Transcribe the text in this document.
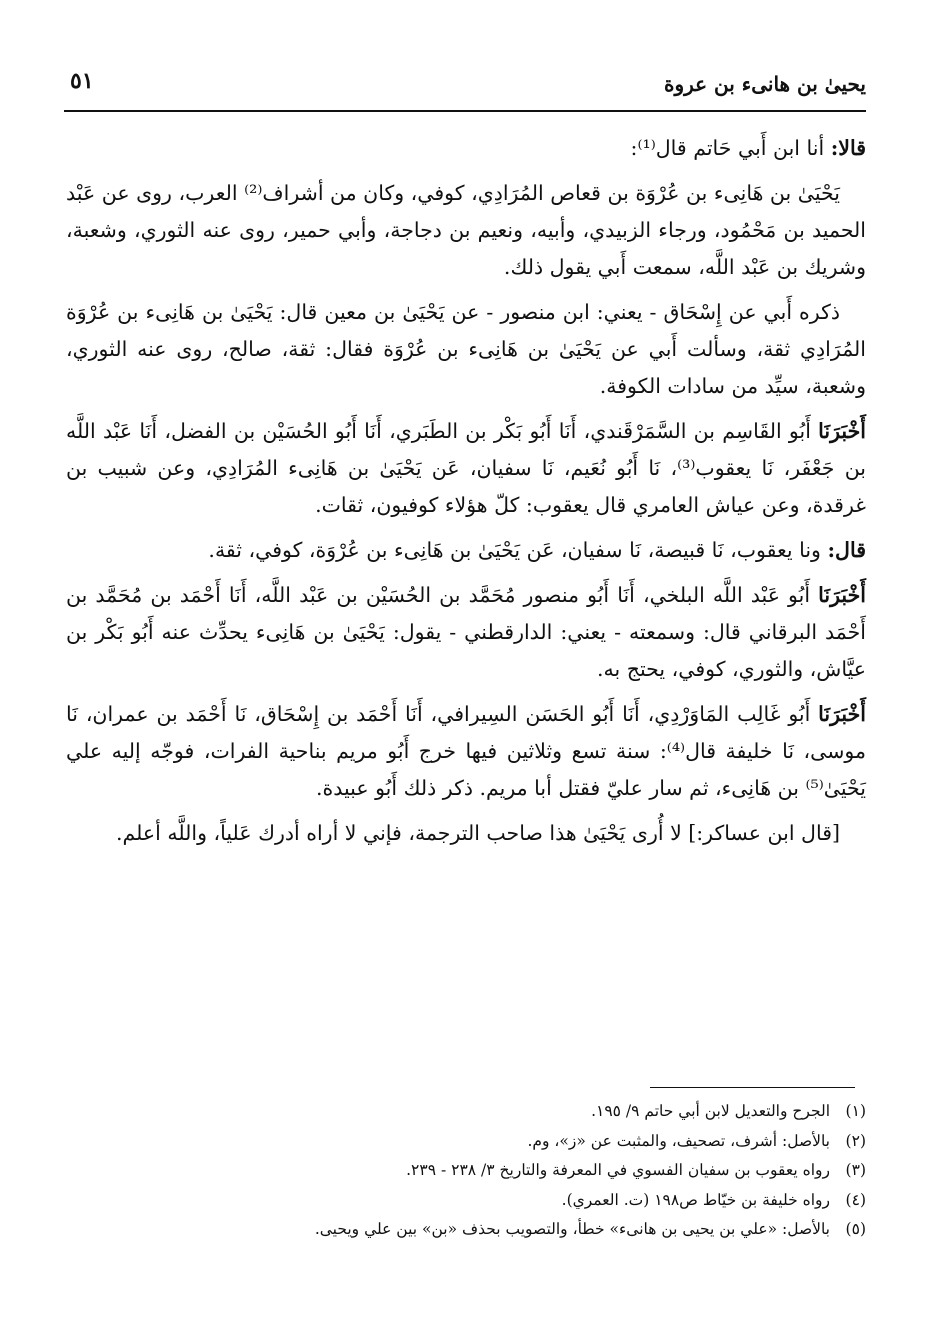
يحيىٰ بن هانىء بن عروة
٥١

قالا: أنا ابن أَبي حَاتم قال⁽¹⁾:

يَحْيَىٰ بن هَانِىء بن عُرْوَة بن قعاص المُرَادِي، كوفي، وكان من أشراف⁽²⁾ العرب، روى عن عَبْد الحميد بن مَحْمُود، ورجاء الزبيدي، وأبيه، ونعيم بن دجاجة، وأبي حمير، روى عنه الثوري، وشعبة، وشريك بن عَبْد اللَّه، سمعت أَبي يقول ذلك.

ذكره أَبي عن إِسْحَاق - يعني: ابن منصور - عن يَحْيَىٰ بن معين قال: يَحْيَىٰ بن هَانِىء بن عُرْوَة المُرَادِي ثقة، وسألت أَبي عن يَحْيَىٰ بن هَانِىء بن عُرْوَة فقال: ثقة، صالح، روى عنه الثوري، وشعبة، سيِّد من سادات الكوفة.

أَخْبَرَنَا أَبُو القَاسِم بن السَّمَرْقَندي، أَنَا أَبُو بَكْر بن الطَبَري، أَنَا أَبُو الحُسَيْن بن الفضل، أَنَا عَبْد اللَّه بن جَعْفَر، نَا يعقوب⁽³⁾، نَا أَبُو نُعَيم، نَا سفيان، عَن يَحْيَىٰ بن هَانِىء المُرَادِي، وعن شبيب بن غرقدة، وعن عياش العامري قال يعقوب: كلّ هؤلاء كوفيون، ثقات.

قال: ونا يعقوب، نَا قبيصة، نَا سفيان، عَن يَحْيَىٰ بن هَانِىء بن عُرْوَة، كوفي، ثقة.

أَخْبَرَنَا أَبُو عَبْد اللَّه البلخي، أَنَا أَبُو منصور مُحَمَّد بن الحُسَيْن بن عَبْد اللَّه، أَنَا أَحْمَد بن مُحَمَّد بن أَحْمَد البرقاني قال: وسمعته - يعني: الدارقطني - يقول: يَحْيَىٰ بن هَانِىء يحدِّث عنه أَبُو بَكْر بن عيَّاش، والثوري، كوفي، يحتج به.

أَخْبَرَنَا أَبُو غَالِب المَاوَرْدِي، أَنَا أَبُو الحَسَن السِيرافي، أَنَا أَحْمَد بن إِسْحَاق، نَا أَحْمَد بن عمران، نَا موسى، نَا خليفة قال⁽⁴⁾: سنة تسع وثلاثين فيها خرج أَبُو مريم بناحية الفرات، فوجّه إليه علي يَحْيَىٰ⁽⁵⁾ بن هَانِىء، ثم سار عليّ فقتل أبا مريم. ذكر ذلك أَبُو عبيدة.

[قال ابن عساكر:] لا أُرى يَحْيَىٰ هذا صاحب الترجمة، فإني لا أراه أدرك عَلياً، واللَّه أعلم.

(١)
الجرح والتعديل لابن أبي حاتم ٩/ ١٩٥.
(٢)
بالأصل: أشرف، تصحيف، والمثبت عن «ز»، وم.
(٣)
رواه يعقوب بن سفيان الفسوي في المعرفة والتاريخ ٣/ ٢٣٨ - ٢٣٩.
(٤)
رواه خليفة بن خيّاط ص١٩٨ (ت. العمري).
(٥)
بالأصل: «علي بن يحيى بن هانىء» خطأ، والتصويب بحذف «بن» بين علي ويحيى.
